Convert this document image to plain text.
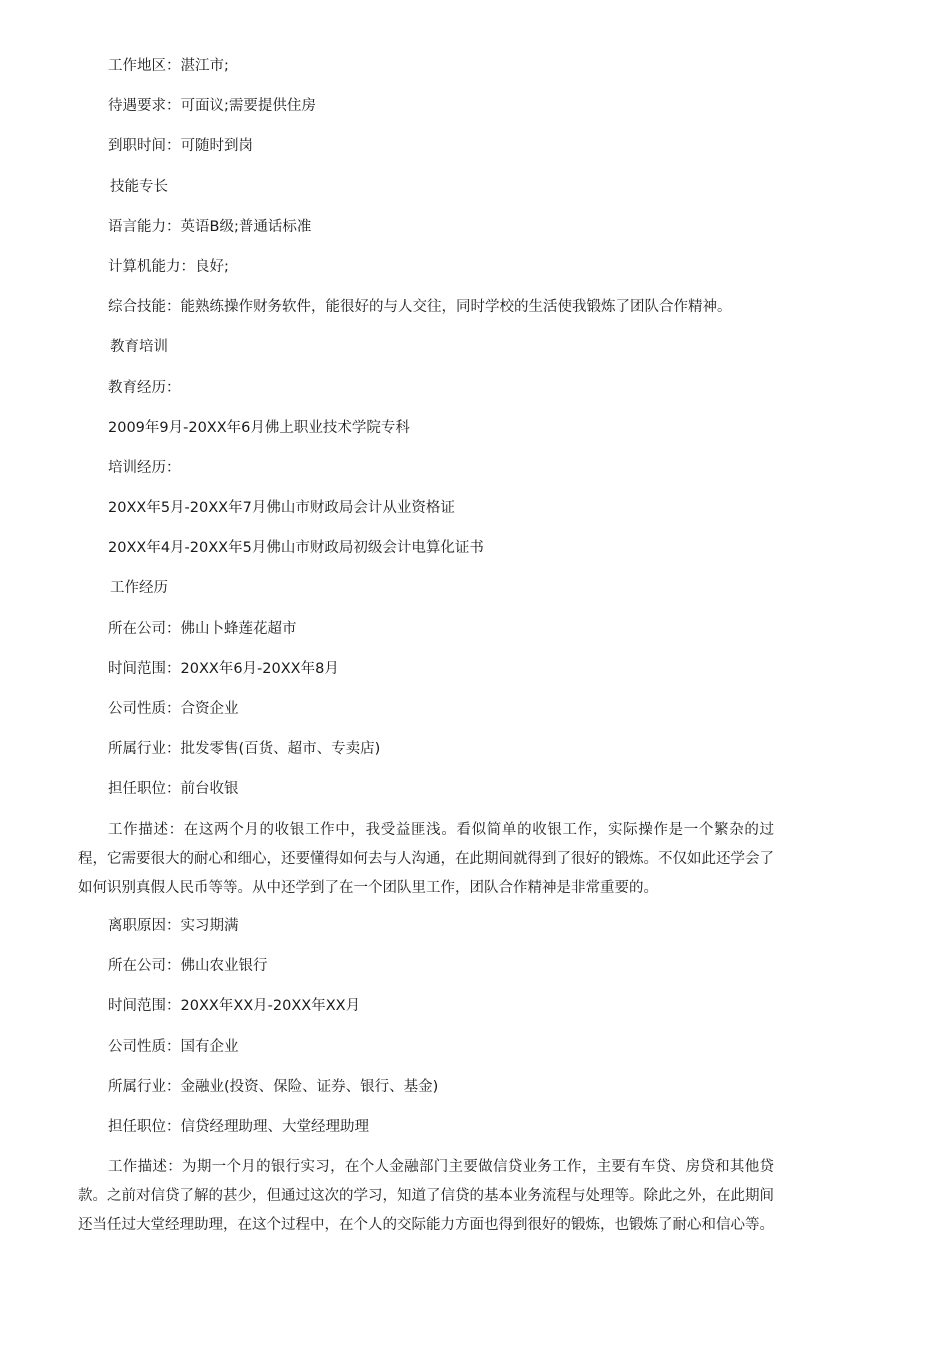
工作地区：湛江市;
待遇要求：可面议;需要提供住房
到职时间：可随时到岗
技能专长
语言能力：英语B级;普通话标准
计算机能力：良好;
综合技能：能熟练操作财务软件，能很好的与人交往，同时学校的生活使我锻炼了团队合作精神。
教育培训
教育经历：
2009年9月-20XX年6月佛上职业技术学院专科
培训经历：
20XX年5月-20XX年7月佛山市财政局会计从业资格证
20XX年4月-20XX年5月佛山市财政局初级会计电算化证书
工作经历
所在公司：佛山卜蜂莲花超市
时间范围：20XX年6月-20XX年8月
公司性质：合资企业
所属行业：批发零售(百货、超市、专卖店)
担任职位：前台收银
工作描述：在这两个月的收银工作中，我受益匪浅。看似简单的收银工作，实际操作是一个繁杂的过程，它需要很大的耐心和细心，还要懂得如何去与人沟通，在此期间就得到了很好的锻炼。不仅如此还学会了如何识别真假人民币等等。从中还学到了在一个团队里工作，团队合作精神是非常重要的。
离职原因：实习期满
所在公司：佛山农业银行
时间范围：20XX年XX月-20XX年XX月
公司性质：国有企业
所属行业：金融业(投资、保险、证券、银行、基金)
担任职位：信贷经理助理、大堂经理助理
工作描述：为期一个月的银行实习，在个人金融部门主要做信贷业务工作，主要有车贷、房贷和其他贷款。之前对信贷了解的甚少，但通过这次的学习，知道了信贷的基本业务流程与处理等。除此之外，在此期间还当任过大堂经理助理，在这个过程中，在个人的交际能力方面也得到很好的锻炼，也锻炼了耐心和信心等。
